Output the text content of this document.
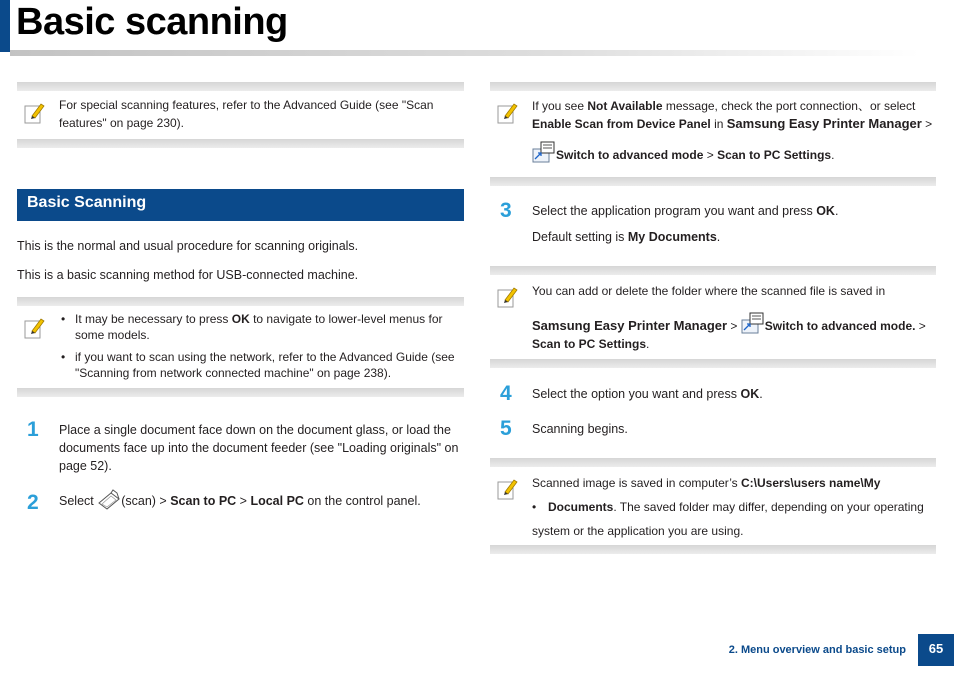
Basic scanning
For special scanning features, refer to the Advanced Guide (see "Scan features" on page 230).
Basic Scanning
This is the normal and usual procedure for scanning originals.
This is a basic scanning method for USB-connected machine.
• It may be necessary to press OK to navigate to lower-level menus for some models.
• if you want to scan using the network, refer to the Advanced Guide (see "Scanning from network connected machine" on page 238).
1 Place a single document face down on the document glass, or load the documents face up into the document feeder (see "Loading originals" on page 52).
2 Select (scan) > Scan to PC > Local PC on the control panel.
If you see Not Available message, check the port connection、or select
Enable Scan from Device Panel in Samsung Easy Printer Manager >
Switch to advanced mode > Scan to PC Settings.
3 Select the application program you want and press OK.
Default setting is My Documents.
You can add or delete the folder where the scanned file is saved in
Samsung Easy Printer Manager > Switch to advanced mode. >
Scan to PC Settings.
4 Select the option you want and press OK.
5 Scanning begins.
Scanned image is saved in computer’s C:\Users\users name\My
• Documents. The saved folder may differ, depending on your operating system or the application you are using.
2. Menu overview and basic setup	65
